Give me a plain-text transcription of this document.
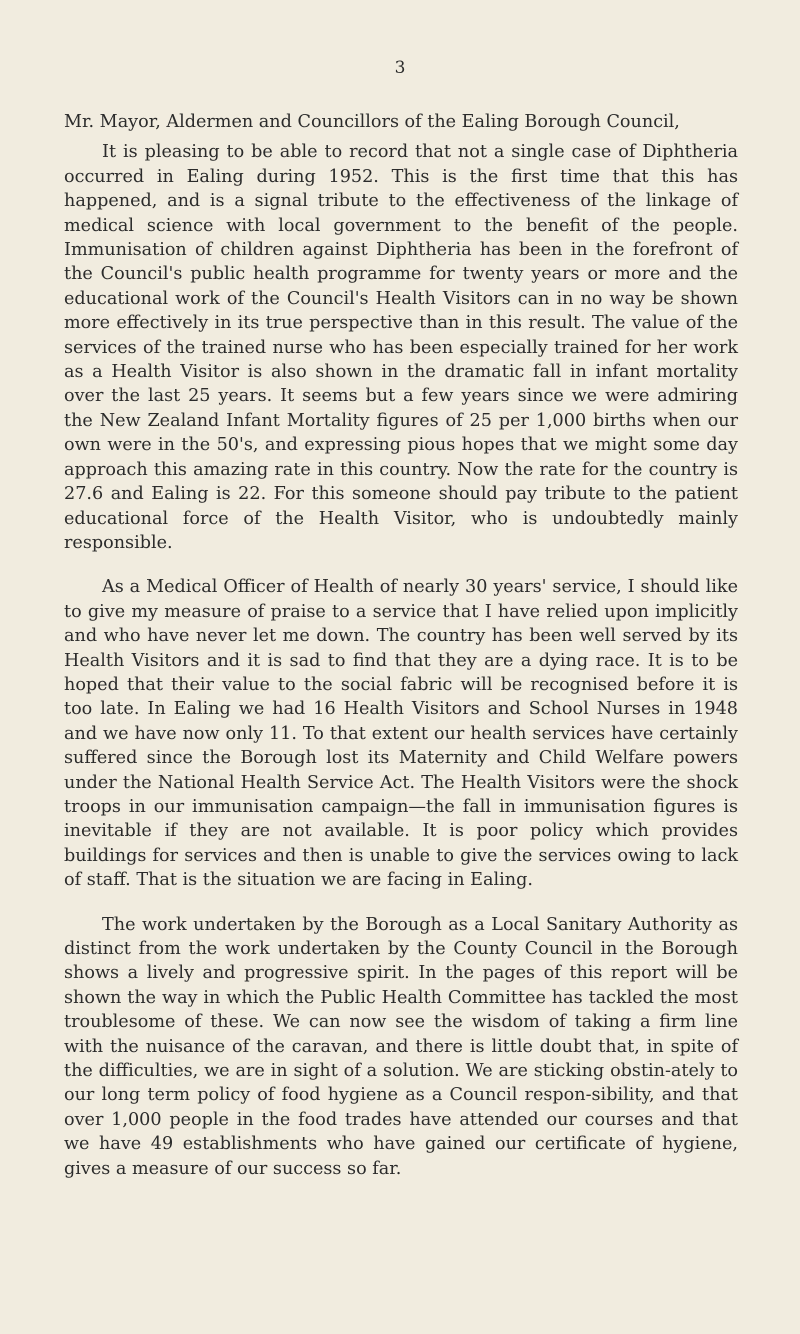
3

Mr. Mayor, Aldermen and Councillors of the Ealing Borough Council,

It is pleasing to be able to record that not a single case of Diphtheria occurred in Ealing during 1952. This is the first time that this has happened, and is a signal tribute to the effectiveness of the linkage of medical science with local government to the benefit of the people. Immunisation of children against Diphtheria has been in the forefront of the Council's public health programme for twenty years or more and the educational work of the Council's Health Visitors can in no way be shown more effectively in its true perspective than in this result. The value of the services of the trained nurse who has been especially trained for her work as a Health Visitor is also shown in the dramatic fall in infant mortality over the last 25 years. It seems but a few years since we were admiring the New Zealand Infant Mortality figures of 25 per 1,000 births when our own were in the 50's, and expressing pious hopes that we might some day approach this amazing rate in this country. Now the rate for the country is 27.6 and Ealing is 22. For this someone should pay tribute to the patient educational force of the Health Visitor, who is undoubtedly mainly responsible.

As a Medical Officer of Health of nearly 30 years' service, I should like to give my measure of praise to a service that I have relied upon implicitly and who have never let me down. The country has been well served by its Health Visitors and it is sad to find that they are a dying race. It is to be hoped that their value to the social fabric will be recognised before it is too late. In Ealing we had 16 Health Visitors and School Nurses in 1948 and we have now only 11. To that extent our health services have certainly suffered since the Borough lost its Maternity and Child Welfare powers under the National Health Service Act. The Health Visitors were the shock troops in our immunisation campaign—the fall in immunisation figures is inevitable if they are not available. It is poor policy which provides buildings for services and then is unable to give the services owing to lack of staff. That is the situation we are facing in Ealing.

The work undertaken by the Borough as a Local Sanitary Authority as distinct from the work undertaken by the County Council in the Borough shows a lively and progressive spirit. In the pages of this report will be shown the way in which the Public Health Committee has tackled the most troublesome of these. We can now see the wisdom of taking a firm line with the nuisance of the caravan, and there is little doubt that, in spite of the difficulties, we are in sight of a solution. We are sticking obstin-ately to our long term policy of food hygiene as a Council respon-sibility, and that over 1,000 people in the food trades have attended our courses and that we have 49 establishments who have gained our certificate of hygiene, gives a measure of our success so far.
